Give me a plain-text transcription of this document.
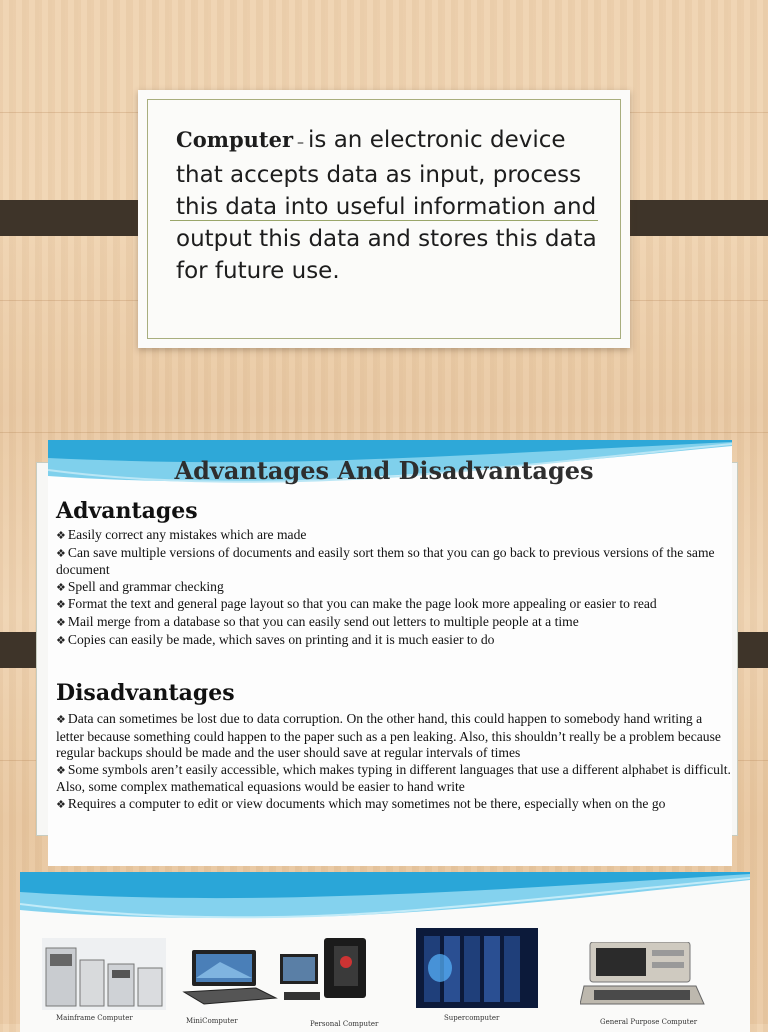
Computer – is an electronic device that accepts data as input, process this data into useful information and output this data and stores this data for future use.

Advantages And Disadvantages
Advantages
❖ Easily correct any mistakes which are made
❖ Can save multiple versions of documents and easily sort them so that you can go back to previous versions of the same document
❖ Spell and grammar checking
❖ Format the text and general page layout so that you can make the page look more appealing or easier to read
❖ Mail merge from a database so that you can easily send out letters to multiple people at a time
❖ Copies can easily be made, which saves on printing and it is much easier to do
Disadvantages
❖ Data can sometimes be lost due to data corruption. On the other hand, this could happen to somebody hand writing a letter because something could happen to the paper such as a pen leaking. Also, this shouldn’t really be a problem because regular backups should be made and the user should save at regular intervals of times
❖ Some symbols aren’t easily accessible, which makes typing in different languages that use a different alphabet is difficult. Also, some complex mathematical equasions would be easier to hand write
❖ Requires a computer to edit or view documents which may sometimes not be there, especially when on the go
Mainframe Computer	MiniComputer	Personal Computer
Supercomputer	General Purpose Computer
